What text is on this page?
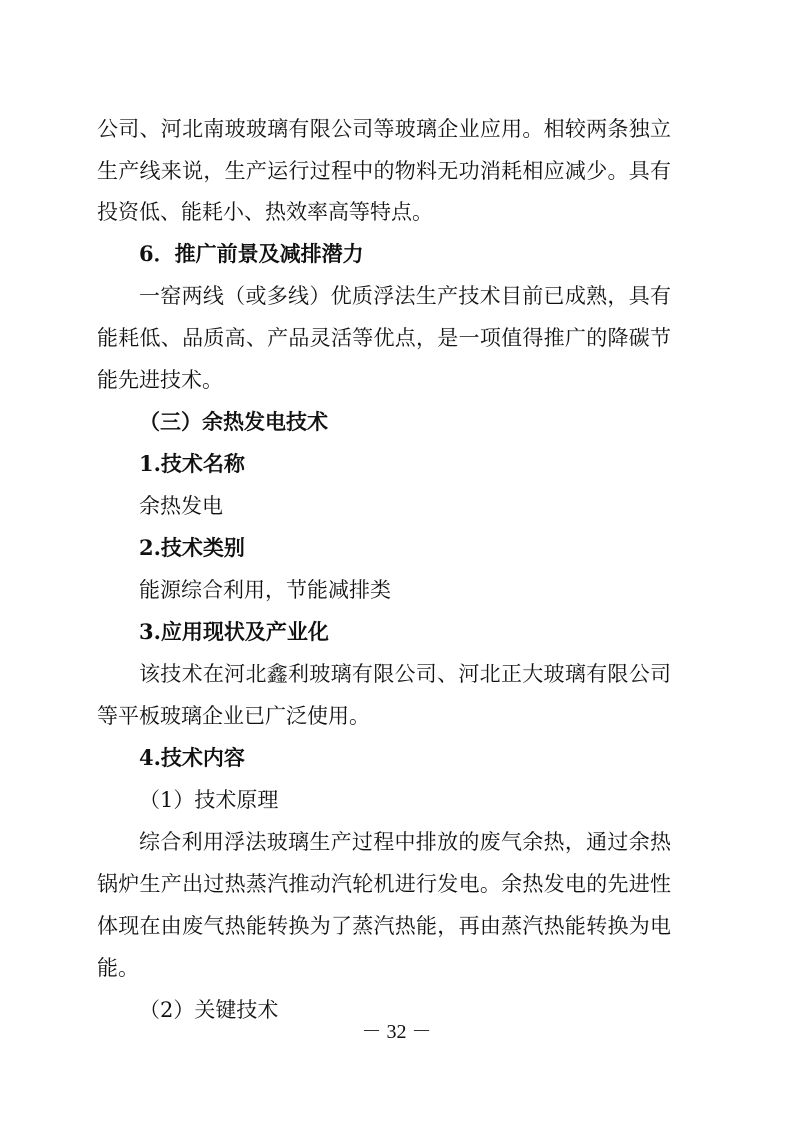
公司、河北南玻玻璃有限公司等玻璃企业应用。相较两条独立

生产线来说，生产运行过程中的物料无功消耗相应减少。具有

投资低、能耗小、热效率高等特点。

6．推广前景及减排潜力

一窑两线（或多线）优质浮法生产技术目前已成熟，具有

能耗低、品质高、产品灵活等优点，是一项值得推广的降碳节

能先进技术。

（三）余热发电技术

1.技术名称

余热发电

2.技术类别

能源综合利用，节能减排类

3.应用现状及产业化

该技术在河北鑫利玻璃有限公司、河北正大玻璃有限公司

等平板玻璃企业已广泛使用。

4.技术内容

（1）技术原理

综合利用浮法玻璃生产过程中排放的废气余热，通过余热

锅炉生产出过热蒸汽推动汽轮机进行发电。余热发电的先进性

体现在由废气热能转换为了蒸汽热能，再由蒸汽热能转换为电

能。

（2）关键技术

－ 32 －
